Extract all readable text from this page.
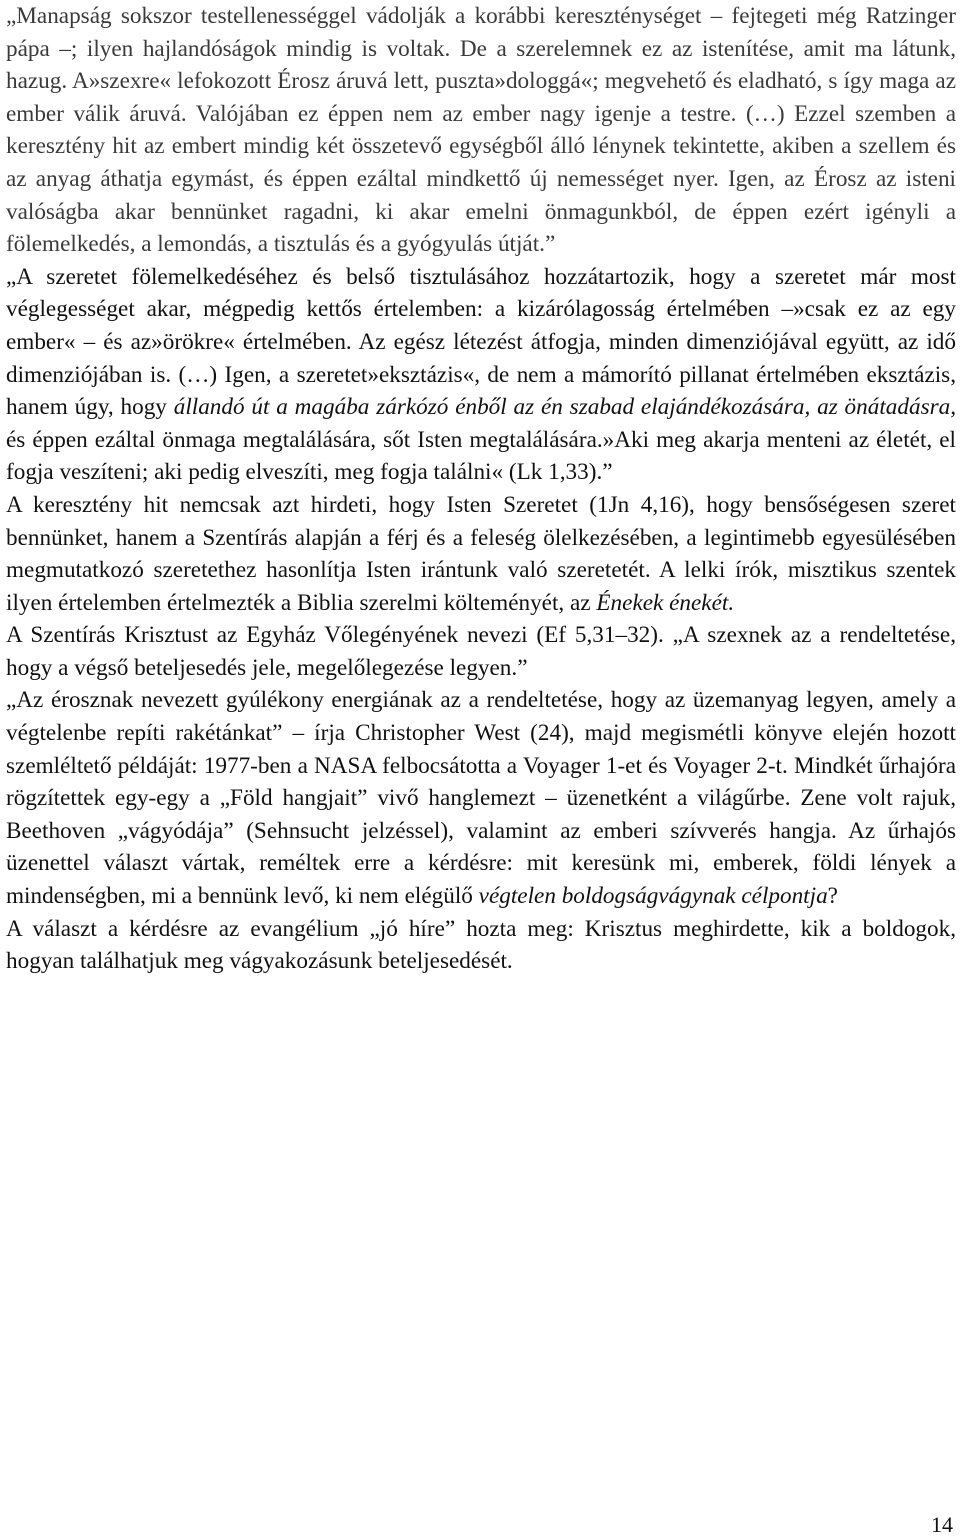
„Manapság sokszor testellenességgel vádolják a korábbi kereszténységet – fejtegeti még Ratzinger pápa –; ilyen hajlandóságok mindig is voltak. De a szerelemnek ez az istenítése, amit ma látunk, hazug. A»szexre« lefokozott Érosz áruvá lett, puszta»dologgá«; megvehető és eladható, s így maga az ember válik áruvá. Valójában ez éppen nem az ember nagy igenje a testre. (…) Ezzel szemben a keresztény hit az embert mindig két összetevő egységből álló lénynek tekintette, akiben a szellem és az anyag áthatja egymást, és éppen ezáltal mindkettő új nemességet nyer. Igen, az Érosz az isteni valóságba akar bennünket ragadni, ki akar emelni önmagunkból, de éppen ezért igényli a fölemelkedés, a lemondás, a tisztulás és a gyógyulás útját.”

„A szeretet fölemelkedéséhez és belső tisztulásához hozzátartozik, hogy a szeretet már most véglegességet akar, mégpedig kettős értelemben: a kizárólagosság értelmében –»csak ez az egy ember« – és az»örökre« értelmében. Az egész létezést átfogja, minden dimenziójával együtt, az idő dimenziójában is. (…) Igen, a szeretet»eksztázis«, de nem a mámorító pillanat értelmében eksztázis, hanem úgy, hogy állandó út a magába zárkózó énből az én szabad elajándékozására, az önátadásra, és éppen ezáltal önmaga megtalálására, sőt Isten megtalálására.»Aki meg akarja menteni az életét, el fogja veszíteni; aki pedig elveszíti, meg fogja találni« (Lk 1,33).”

A keresztény hit nemcsak azt hirdeti, hogy Isten Szeretet (1Jn 4,16), hogy bensőségesen szeret bennünket, hanem a Szentírás alapján a férj és a feleség ölelkezésében, a legintimebb egyesülésében megmutatkozó szeretethez hasonlítja Isten irántunk való szeretetét. A lelki írók, misztikus szentek ilyen értelemben értelmezték a Biblia szerelmi költeményét, az Énekek énekét.

A Szentírás Krisztust az Egyház Vőlegényének nevezi (Ef 5,31–32). „A szexnek az a rendeltetése, hogy a végső beteljesedés jele, megelőlegezése legyen.”

„Az érosznak nevezett gyúlékony energiának az a rendeltetése, hogy az üzemanyag legyen, amely a végtelenbe repíti rakétánkat” – írja Christopher West (24), majd megismétli könyve elején hozott szemléltető példáját: 1977-ben a NASA felbocsátotta a Voyager 1-et és Voyager 2-t. Mindkét űrhajóra rögzítettek egy-egy a „Föld hangjait” vivő hanglemezt – üzenetként a világűrbe. Zene volt rajuk, Beethoven „vágyódája” (Sehnsucht jelzéssel), valamint az emberi szívverés hangja. Az űrhajós üzenettel választ vártak, reméltek erre a kérdésre: mit keresünk mi, emberek, földi lények a mindenségben, mi a bennünk levő, ki nem elégülő végtelen boldogságvágynak célpontja?

A választ a kérdésre az evangélium „jó híre” hozta meg: Krisztus meghirdette, kik a boldogok, hogyan találhatjuk meg vágyakozásunk beteljesedését.

14
